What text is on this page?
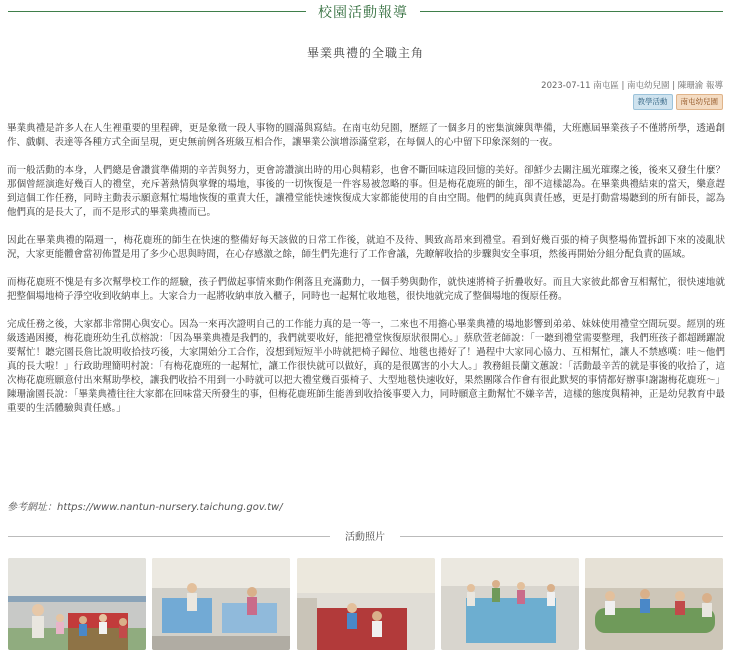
校園活動報導
畢業典禮的全職主角
2023-07-11 南屯區 | 南屯幼兒園 | 陳珊渝 報導
教學活動	南屯幼兒園

畢業典禮是許多人在人生裡重要的里程碑，更是象徵一段人事物的圓滿與寫結。在南屯幼兒園，歷經了一個多月的密集演練與準備，大班應屆畢業孩子不僅將所學，透過創作、戲劇、表達等各種方式全面呈現，更史無前例各班級互相合作，讓畢業公演增添滿堂彩，在每個人的心中留下印象深刻的一夜。

而一般活動的本身，人們總是會讚賞準備期的辛苦與努力，更會誇讚演出時的用心與精彩，也會不斷回味這段回憶的美好。卻鮮少去關注風光璀璨之後，後來又發生什麼？那個曾經演進好幾百人的禮堂，充斥著熱情與掌聲的場地，事後的一切恢復是一件容易被忽略的事。但是梅花鹿班的師生，卻不這樣認為。在畢業典禮結束的當天，樂意趕到這個工作任務，同時主動表示願意幫忙場地恢復的重責大任，讓禮堂能快速恢復成大家都能使用的自由空間。他們的純真與責任感，更是打動當場聽到的所有師長，認為他們真的是長大了，而不是形式的畢業典禮而已。

因此在畢業典禮的隔週一，梅花鹿班的師生在快速的整備好每天該做的日常工作後，就迫不及待、興致高昂來到禮堂。看到好幾百張的椅子與整場佈置拆卸下來的凌亂狀況，大家更能體會當初佈置是用了多少心思與時間，在心存感激之餘，師生們先進行了工作會議，先瞭解收拾的步驟與安全事項，然後再開始分組分配負責的區域。

而梅花鹿班不愧是有多次幫學校工作的經驗，孩子們做起事情來動作俐落且充滿動力，一個手勢與動作，就快速將椅子折疊收好。而且大家彼此都會互相幫忙，很快速地就把整個場地椅子淨空收到收納車上。大家合力一起將收納車放入櫃子，同時也一起幫忙收地毯，很快地就完成了整個場地的復原任務。

完成任務之後，大家都非常開心與安心。因為一來再次證明自己的工作能力真的是一等一，二來也不用擔心畢業典禮的場地影響到弟弟、妹妹使用禮堂空間玩耍。經別的班級透過困擾，梅花鹿班幼生孔苡榕說：「因為畢業典禮是我們的，我們就要收好，能把禮堂恢復原狀很開心。」蔡欣萱老師說：「一聽到禮堂需要整理，我們班孩子都超踴躍說要幫忙！聽完園長詹比說明收拾技巧後，大家開始分工合作，沒想到短短半小時就把椅子歸位、地毯也捲好了！過程中大家同心協力、互相幫忙，讓人不禁感嘆：哇～他們真的長大啦！」行政助理簡明村說：「有梅花鹿班的一起幫忙，讓工作很快就可以做好，真的是很厲害的小大人。」教務組長蘭文蕙說：「活動最辛苦的就是事後的收拾了，這次梅花鹿班願意付出來幫助學校，讓我們收拾不用到一小時就可以把大禮堂幾百張椅子、大型地毯快速收好，果然團隊合作會有很此默契的事情都好辦事!謝謝梅花鹿班～」陳珊渝園長說：「畢業典禮往往大家都在回味當天所發生的事，但梅花鹿班師生能善到收拾後事要入力，同時願意主動幫忙不嫌辛苦，這樣的態度與精神，正是幼兒教育中最重要的生活體驗與責任感。」

參考網址：https://www.nantun-nursery.taichung.gov.tw/
活動照片
